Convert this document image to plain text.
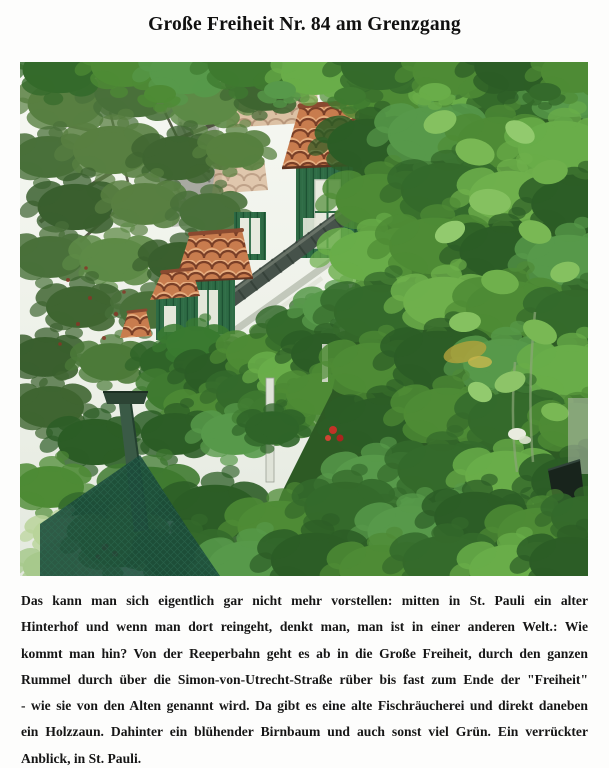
Große Freiheit Nr. 84 am Grenzgang
Das kann man sich eigentlich gar nicht mehr vorstellen: mitten in St. Pauli ein alter
Hinterhof und wenn man dort reingeht, denkt man, man ist in einer anderen Welt.: Wie
kommt man hin? Von der Reeperbahn geht es ab in die Große Freiheit, durch den ganzen
Rummel durch über die Simon-von-Utrecht-Straße rüber bis fast zum Ende der "Freiheit"
- wie sie von den Alten genannt wird. Da gibt es eine alte Fischräucherei und direkt daneben
ein Holzzaun. Dahinter ein blühender Birnbaum und auch sonst viel Grün. Ein verrückter
Anblick, in St. Pauli.
